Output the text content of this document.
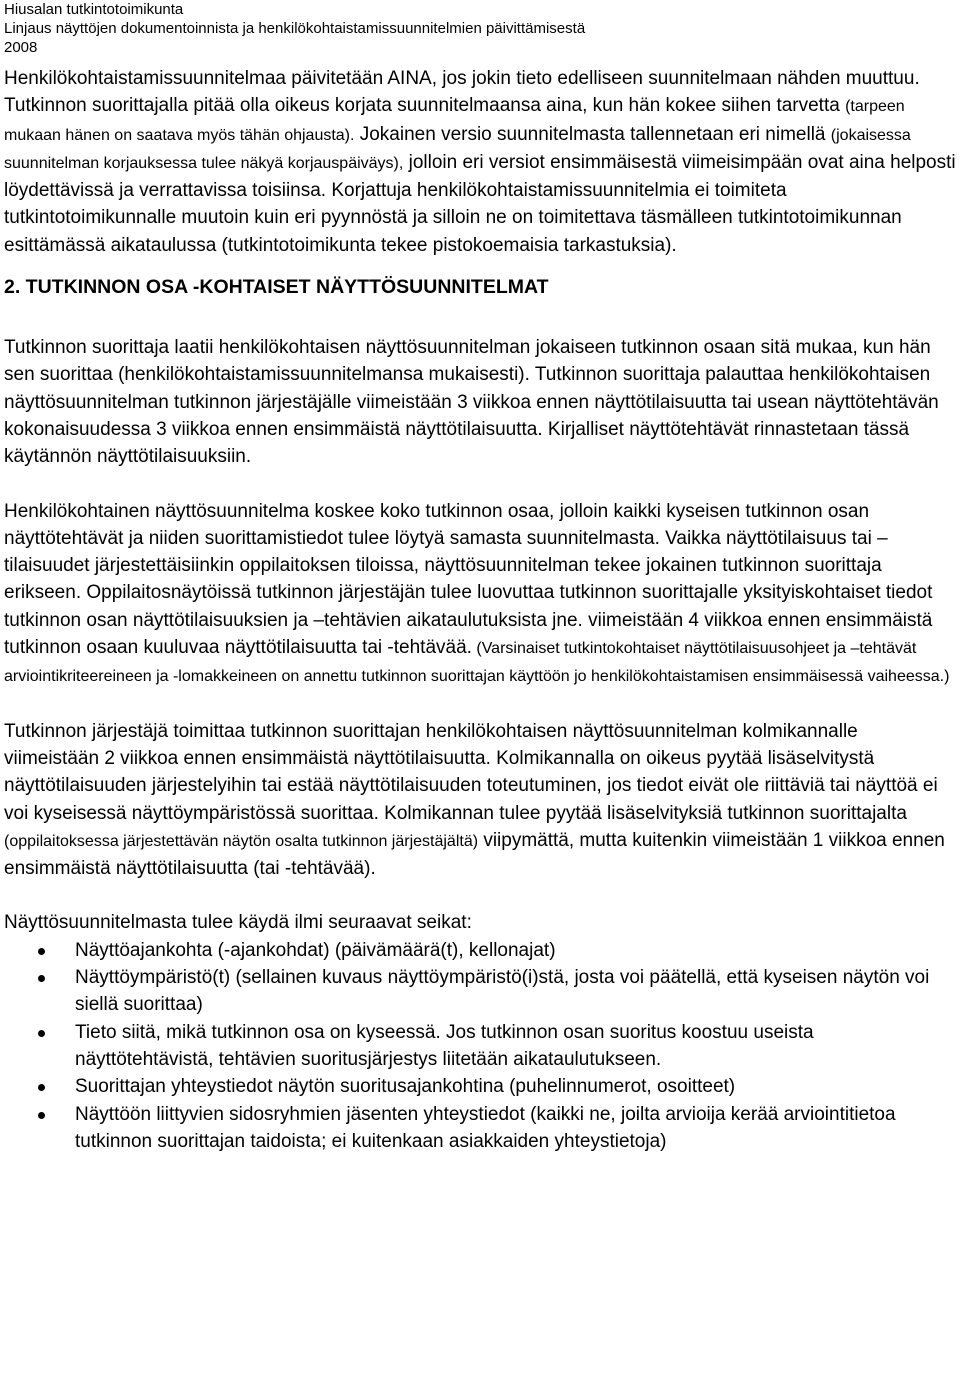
Hiusalan tutkintotoimikunta
Linjaus näyttöjen dokumentoinnista ja henkilökohtaistamissuunnitelmien päivittämisestä
2008

Henkilökohtaistamissuunnitelmaa päivitetään AINA, jos jokin tieto edelliseen suunnitelmaan nähden muuttuu. Tutkinnon suorittajalla pitää olla oikeus korjata suunnitelmaansa aina, kun hän kokee siihen tarvetta (tarpeen mukaan hänen on saatava myös tähän ohjausta). Jokainen versio suunnitelmasta tallennetaan eri nimellä (jokaisessa suunnitelman korjauksessa tulee näkyä korjauspäiväys), jolloin eri versiot ensimmäisestä viimeisimpään ovat aina helposti löydettävissä ja verrattavissa toisiinsa. Korjattuja henkilökohtaistamissuunnitelmia ei toimiteta tutkintotoimikunnalle muutoin kuin eri pyynnöstä ja silloin ne on toimitettava täsmälleen tutkintotoimikunnan esittämässä aikataulussa (tutkintotoimikunta tekee pistokoemaisia tarkastuksia).

2. TUTKINNON OSA -KOHTAISET NÄYTTÖSUUNNITELMAT

Tutkinnon suorittaja laatii henkilökohtaisen näyttösuunnitelman jokaiseen tutkinnon osaan sitä mukaa, kun hän sen suorittaa (henkilökohtaistamissuunnitelmansa mukaisesti). Tutkinnon suorittaja palauttaa henkilökohtaisen näyttösuunnitelman tutkinnon järjestäjälle viimeistään 3 viikkoa ennen näyttötilaisuutta tai usean näyttötehtävän kokonaisuudessa 3 viikkoa ennen ensimmäistä näyttötilaisuutta. Kirjalliset näyttötehtävät rinnastetaan tässä käytännön näyttötilaisuuksiin.

Henkilökohtainen näyttösuunnitelma koskee koko tutkinnon osaa, jolloin kaikki kyseisen tutkinnon osan näyttötehtävät ja niiden suorittamistiedot tulee löytyä samasta suunnitelmasta. Vaikka näyttötilaisuus tai –tilaisuudet järjestettäisiinkin oppilaitoksen tiloissa, näyttösuunnitelman tekee jokainen tutkinnon suorittaja erikseen. Oppilaitosnäytöissä tutkinnon järjestäjän tulee luovuttaa tutkinnon suorittajalle yksityiskohtaiset tiedot tutkinnon osan näyttötilaisuuksien ja –tehtävien aikataulutuksista jne. viimeistään 4 viikkoa ennen ensimmäistä tutkinnon osaan kuuluvaa näyttötilaisuutta tai -tehtävää. (Varsinaiset tutkintokohtaiset näyttötilaisuusohjeet ja –tehtävät arviointikriteereineen ja -lomakkeineen on annettu tutkinnon suorittajan käyttöön jo henkilökohtaistamisen ensimmäisessä vaiheessa.)

Tutkinnon järjestäjä toimittaa tutkinnon suorittajan henkilökohtaisen näyttösuunnitelman kolmikannalle viimeistään 2 viikkoa ennen ensimmäistä näyttötilaisuutta. Kolmikannalla on oikeus pyytää lisäselvitystä näyttötilaisuuden järjestelyihin tai estää näyttötilaisuuden toteutuminen, jos tiedot eivät ole riittäviä tai näyttöä ei voi kyseisessä näyttöympäristössä suorittaa. Kolmikannan tulee pyytää lisäselvityksiä tutkinnon suorittajalta (oppilaitoksessa järjestettävän näytön osalta tutkinnon järjestäjältä) viipymättä, mutta kuitenkin viimeistään 1 viikkoa ennen ensimmäistä näyttötilaisuutta (tai -tehtävää).

Näyttösuunnitelmasta tulee käydä ilmi seuraavat seikat:

Näyttöajankohta (-ajankohdat) (päivämäärä(t), kellonajat)
Näyttöympäristö(t) (sellainen kuvaus näyttöympäristö(i)stä, josta voi päätellä, että kyseisen näytön voi siellä suorittaa)
Tieto siitä, mikä tutkinnon osa on kyseessä. Jos tutkinnon osan suoritus koostuu useista näyttötehtävistä, tehtävien suoritusjärjestys liitetään aikataulutukseen.
Suorittajan yhteystiedot näytön suoritusajankohtina (puhelinnumerot, osoitteet)
Näyttöön liittyvien sidosryhmien jäsenten yhteystiedot (kaikki ne, joilta arvioija kerää arviointitietoa tutkinnon suorittajan taidoista; ei kuitenkaan asiakkaiden yhteystietoja)
